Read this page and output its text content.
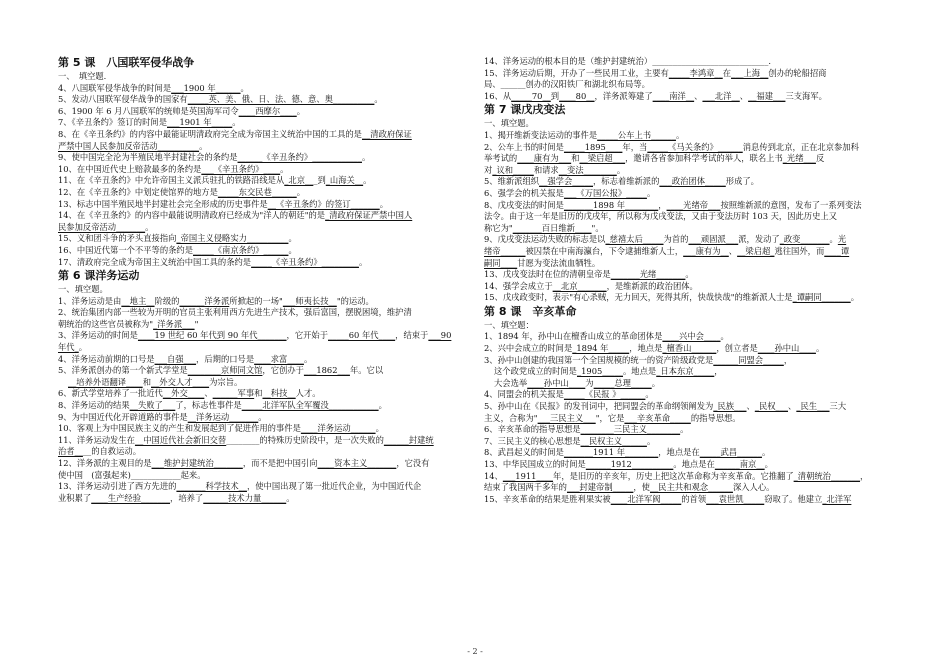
第 5 课　八国联军侵华战争
一、　填空题.
4、八国联军侵华战争的时间是___1900 年______。
5、发动八国联军侵华战争的国家有_____英、美、俄、日、法、德、意、奥__________。
6、1900 年 6 月八国联军的统帅是英国海军司令____西摩尔____。
7、《辛丑条约》签订的时间是___1901 年_____。
8、在《辛丑条约》的内容中最能证明清政府完全成为帝国主义统治中国的工具的是__清政府保证
严禁中国人民参加反帝活动__________。
9、使中国完全沦为半殖民地半封建社会的条约是______《辛丑条约》____________。
10、在中国近代史上赔款最多的条约是___《辛丑条约》____。
11、在《辛丑条约》中允许帝国主义派兵驻扎的铁路沿线是从_北京___到_山海关__。
12、在《辛丑条约》中划定使馆界的地方是_____东交民巷______。
13、标志中国半殖民地半封建社会完全形成的历史事件是__《辛丑条约》的签订_______。
14、在《辛丑条约》的内容中最能说明清政府已经成为"洋人的朝廷"的是_清政府保证严禁中国人
民参加反帝活动_______。
15、义和团斗争的矛头直接指向_帝国主义侵略实力__________。
16、中国近代第一个不平等的条约是_____《南京条约》______。
17、清政府完全成为帝国主义统治中国工具的条约是_____《辛丑条约》_________。
第 6 课洋务运动
一、填空题。
1、洋务运动是由__地主__阶级的______洋务派所掀起的一场"___师夷长技__"的运动。
2、统治集团内部一些较为开明的官员主张利用西方先进生产技术，强后富国，摆脱困境，维护清
朝统治的这些官员被称为"_洋务派___"
3、洋务运动的时间是____19 世纪 60 年代到 90 年代_______，它开始于_____60 年代____，结束于___90
年代_。
4、洋务运动前期的口号是___自强___，后期的口号是____求富____。
5、洋务派创办的第一个新式学堂是________京师同文馆，它创办于___1862___年。它以
__培养外语翻译____和__外交人才____为宗旨。
6、新式学堂培养了一批近代__外交____、______军事和__科技__人才。
8、洋务运动的结果__失败了___了，标志性事件是_____北洋军队全军覆没____________。
9、为中国近代化开辟道路的事件是__洋务运动_______。
10、客观上为中国民族主义的产生和发展起到了促进作用的事件是____洋务运动______。
11、洋务运动发生在__中国近代社会新旧交替________的特殊历史阶段中，是一次失败的______封建统
治者____的自救运动。
12、洋务派的主观目的是___维护封建统治_______，而不是把中国引向____资本主义_______，它没有
使中国　(富强起来)____________起来。
13、洋务运动引进了西方先进的_______科学技术__，使中国出现了第一批近代企业，为中国近代企
业积累了____生产经验_______，培养了______技术力量______。
14、洋务运动的根本目的是（维护封建统治）____________________________.
15、洋务运动后期，开办了一些民用工业，主要有_____李鸿章__在___上海__创办的轮船招商
局、______创办的汉阳铁厂和湖北织布局等。
16、从_____70__到____80__，洋务派筹建了____南洋__、___北洋__、__福建___三支海军。
第 7 课戊戌变法
一、填空题。
1、揭开维新变法运动的事件是_____公车上书______。
2、公车上书的时间是_____1895____年，当_____《马关条约》______消息传到北京，正在北京参加科
举考试的____康有为___和__梁启超___，邀请各省参加科学考试的举人，联名上书_光绪___反
对_议和_____和请求__变法________。
5、维新派组织__强学会_____，标志着维新派的___政治团体_____形成了。
6、强学会的机关报是___《万国公报》_____。
8、戊戌变法的时间是_______1898 年________，____光绪帝___按照维新派的意图，发布了一系列变法
法令。由于这一年是旧历的戊戌年，所以称为戊戌变法，又由于变法历时 103 天，因此历史上又
称它为"_______百日维新____"。
9、戊戌变法运动失败的标志是以_慈禧太后_____为首的___顽固派___派，发动了_政变_______。光
绪帝______被囚禁在中南海瀛台，下令逮捕维新人士，___康有为__、__梁启超_逃往国外，而____谭
嗣同____甘愿为变法流血牺牲。
13、戊戌变法时在位的清朝皇帝是_______光绪_______。
14、强学会成立于__北京_______，是维新派的政治团体。
15、戊戌政变时，表示"有心杀贼，无力回天，死得其所，快哉快哉"的维新派人士是_谭嗣同_______。
第 8 课　辛亥革命
一、填空题：
1、1894 年，孙中山在檀香山成立的革命团体是____兴中会____。
2、兴中会成立的时间是_1894 年_____，地点是_檀香山______，创立者是____孙中山____。
3、孙中山创建的我国第一个全国规模的统一的资产阶级政党是______同盟会_____，
这个政党成立的时间是_1905_____。地点是_日本东京_____，
大会选举____孙中山____为_____总理_____。
4、同盟会的机关报是_____《民报 》______。
5、孙中山在《民报》的发刊词中，把同盟会的革命纲领阐发为_民族___、_民权___、_民生___三大
主义，合称为"___三民主义___"，它是___辛亥革命_____的指导思想。
6、辛亥革命的指导思想是________三民主义________。
7、三民主义的核心思想是__民权主义______。
8、武昌起义的时间是_______1911 年________，地点是在_____武昌______。
13、中华民国成立的时间是______1912__________。地点是在______南京__。
14、___1911____年，是旧历的辛亥年，历史上把这次革命称为辛亥革命。它推翻了_清朝统治_______，
结束了我国两千多年的___封建帝制_____，使__民主共和观念______深入人心。
15、辛亥革命的结果是胜利果实被____北洋军阀_____的首领___袁世凯_____窃取了。他建立_北洋军
- 2 -
